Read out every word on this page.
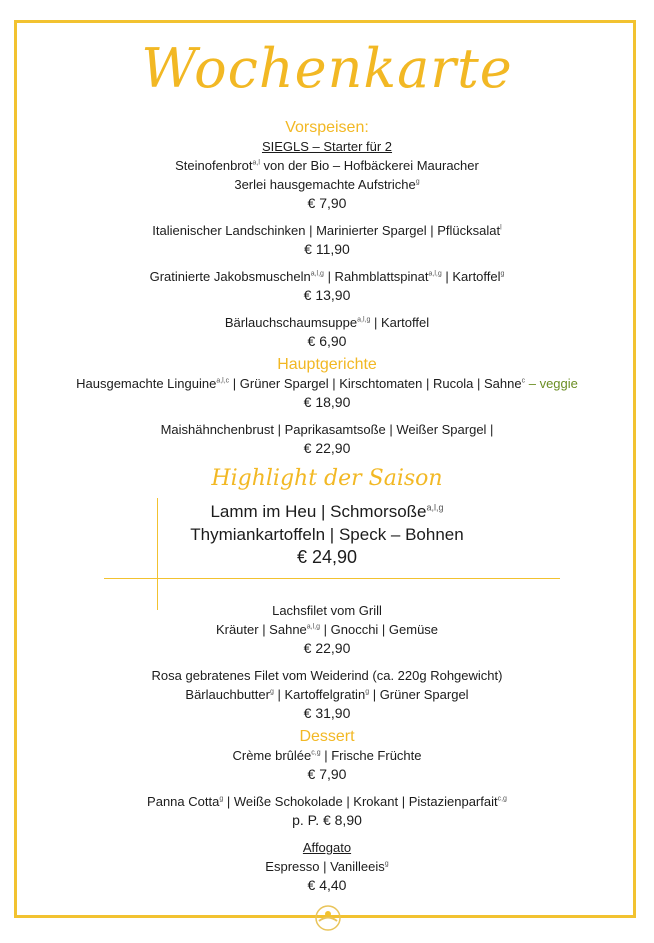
Wochenkarte
Vorspeisen:
SIEGLS – Starter für 2
Steinofenbrot$^{a,l}$ von der Bio – Hofbäckerei Mauracher
3erlei hausgemachte Aufstriche$^g$
€ 7,90
Italienischer Landschinken | Marinierter Spargel | Pflücksalat$^l$
€ 11,90
Gratinierte Jakobsmuscheln$^{a,l,g}$ | Rahmblattspinat$^{a,l,g}$ | Kartoffel$^g$
€ 13,90
Bärlauchschaumsuppe$^{a,l,g}$ | Kartoffel
€ 6,90
Hauptgerichte
Hausgemachte Linguine$^{a,l,c}$ | Grüner Spargel | Kirschtomaten | Rucola | Sahne$^c$ – veggie
€ 18,90
Maishähnchenbrust | Paprikasamtsoße | Weißer Spargel |
€ 22,90
Highlight der Saison
Lamm im Heu | Schmorsoße$^{a,l,g}$
Thymiankartoffeln | Speck – Bohnen
€ 24,90
Lachsfilet vom Grill
Kräuter | Sahne$^{a,l,g}$ | Gnocchi | Gemüse
€ 22,90
Rosa gebratenes Filet vom Weiderind (ca. 220g Rohgewicht)
Bärlauchbutter$^g$ | Kartoffelgratin$^g$ | Grüner Spargel
€ 31,90
Dessert
Crème brûlée$^{c,g}$ | Frische Früchte
€ 7,90
Panna Cotta$^g$ | Weiße Schokolade | Krokant | Pistazienparfait$^{c,g}$
p. P. € 8,90
Affogato
Espresso | Vanilleeis$^g$
€ 4,40
